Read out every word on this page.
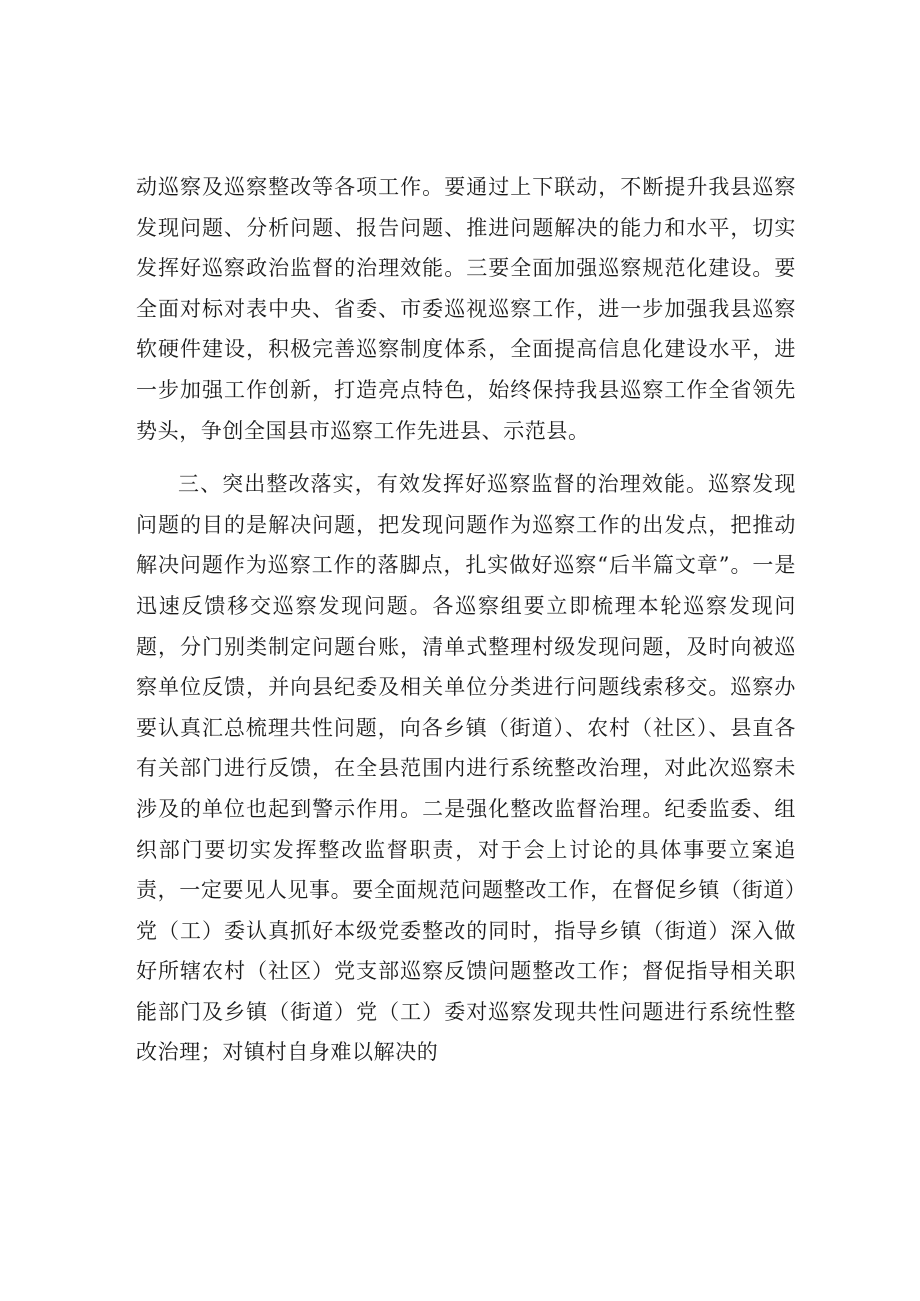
动巡察及巡察整改等各项工作。要通过上下联动，不断提升我县巡察发现问题、分析问题、报告问题、推进问题解决的能力和水平，切实发挥好巡察政治监督的治理效能。三要全面加强巡察规范化建设。要全面对标对表中央、省委、市委巡视巡察工作，进一步加强我县巡察软硬件建设，积极完善巡察制度体系，全面提高信息化建设水平，进一步加强工作创新，打造亮点特色，始终保持我县巡察工作全省领先势头，争创全国县市巡察工作先进县、示范县。

三、突出整改落实，有效发挥好巡察监督的治理效能。巡察发现问题的目的是解决问题，把发现问题作为巡察工作的出发点，把推动解决问题作为巡察工作的落脚点，扎实做好巡察“后半篇文章”。一是迅速反馈移交巡察发现问题。各巡察组要立即梳理本轮巡察发现问题，分门别类制定问题台账，清单式整理村级发现问题，及时向被巡察单位反馈，并向县纪委及相关单位分类进行问题线索移交。巡察办要认真汇总梳理共性问题，向各乡镇（街道）、农村（社区）、县直各有关部门进行反馈，在全县范围内进行系统整改治理，对此次巡察未涉及的单位也起到警示作用。二是强化整改监督治理。纪委监委、组织部门要切实发挥整改监督职责，对于会上讨论的具体事要立案追责，一定要见人见事。要全面规范问题整改工作，在督促乡镇（街道）党（工）委认真抓好本级党委整改的同时，指导乡镇（街道）深入做好所辖农村（社区）党支部巡察反馈问题整改工作；督促指导相关职能部门及乡镇（街道）党（工）委对巡察发现共性问题进行系统性整改治理；对镇村自身难以解决的
